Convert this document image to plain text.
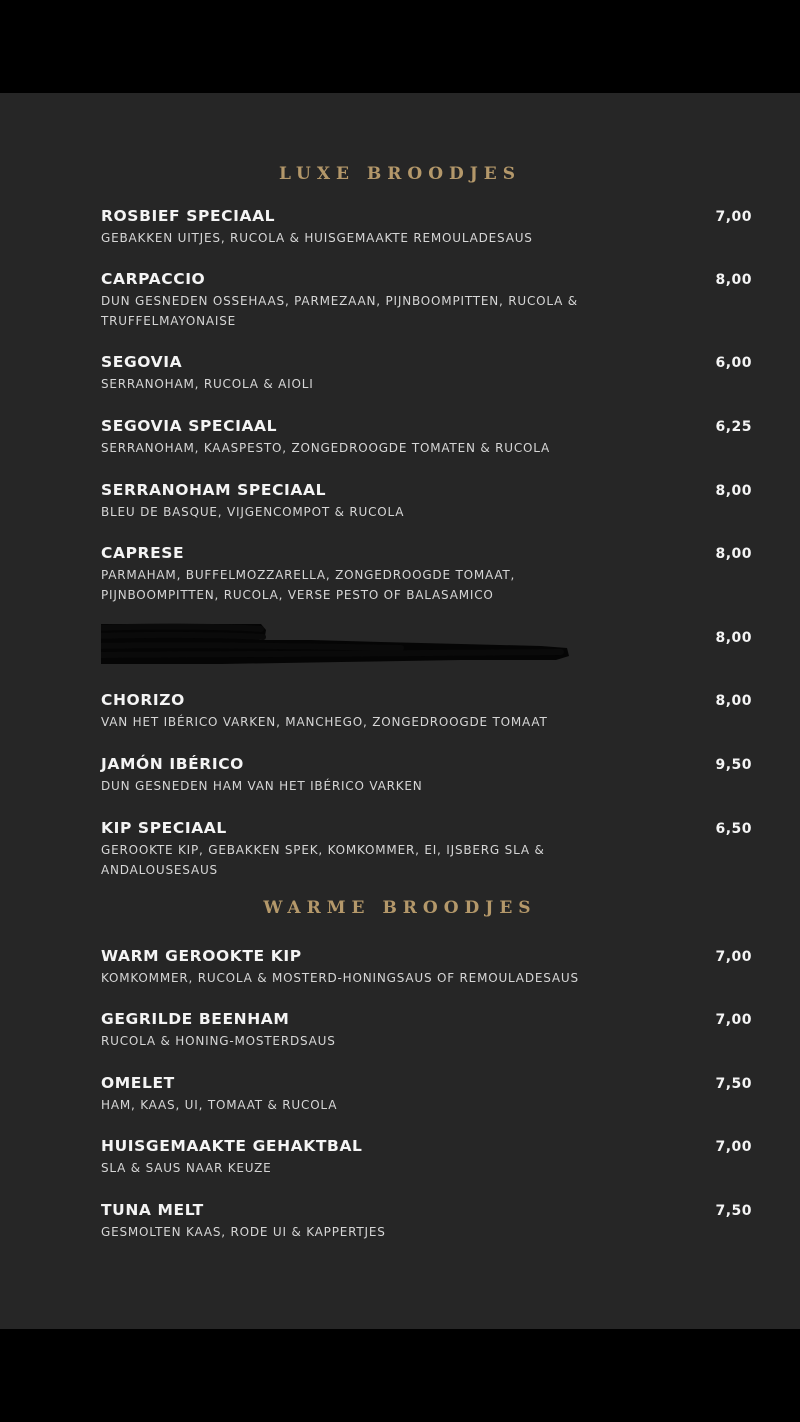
LUXE BROODJES

ROSBIEF SPECIAAL

GEBAKKEN UITJES, RUCOLA & HUISGEMAAKTE REMOULADESAUS

7,00

CARPACCIO

DUN GESNEDEN OSSEHAAS, PARMEZAAN, PIJNBOOMPITTEN, RUCOLA & TRUFFELMAYONAISE

8,00

SEGOVIA

SERRANOHAM, RUCOLA & AIOLI

6,00

SEGOVIA SPECIAAL

SERRANOHAM, KAASPESTO, ZONGEDROOGDE TOMATEN & RUCOLA

6,25

SERRANOHAM SPECIAAL

BLEU DE BASQUE, VIJGENCOMPOT & RUCOLA

8,00

CAPRESE

PARMAHAM, BUFFELMOZZARELLA, ZONGEDROOGDE TOMAAT, PIJNBOOMPITTEN, RUCOLA, VERSE PESTO OF BALASAMICO

8,00
8,00

CHORIZO

VAN HET IBÉRICO VARKEN, MANCHEGO, ZONGEDROOGDE TOMAAT

8,00

JAMÓN IBÉRICO

DUN GESNEDEN HAM VAN HET IBÉRICO VARKEN

9,50

KIP SPECIAAL

GEROOKTE KIP, GEBAKKEN SPEK, KOMKOMMER, EI, IJSBERG SLA & ANDALOUSESAUS

6,50
WARME BROODJES

WARM GEROOKTE KIP

KOMKOMMER, RUCOLA & MOSTERD-HONINGSAUS OF REMOULADESAUS

7,00

GEGRILDE BEENHAM

RUCOLA & HONING-MOSTERDSAUS

7,00

OMELET

HAM, KAAS, UI, TOMAAT & RUCOLA

7,50

HUISGEMAAKTE GEHAKTBAL

SLA & SAUS NAAR KEUZE

7,00

TUNA MELT

GESMOLTEN KAAS, RODE UI & KAPPERTJES

7,50
